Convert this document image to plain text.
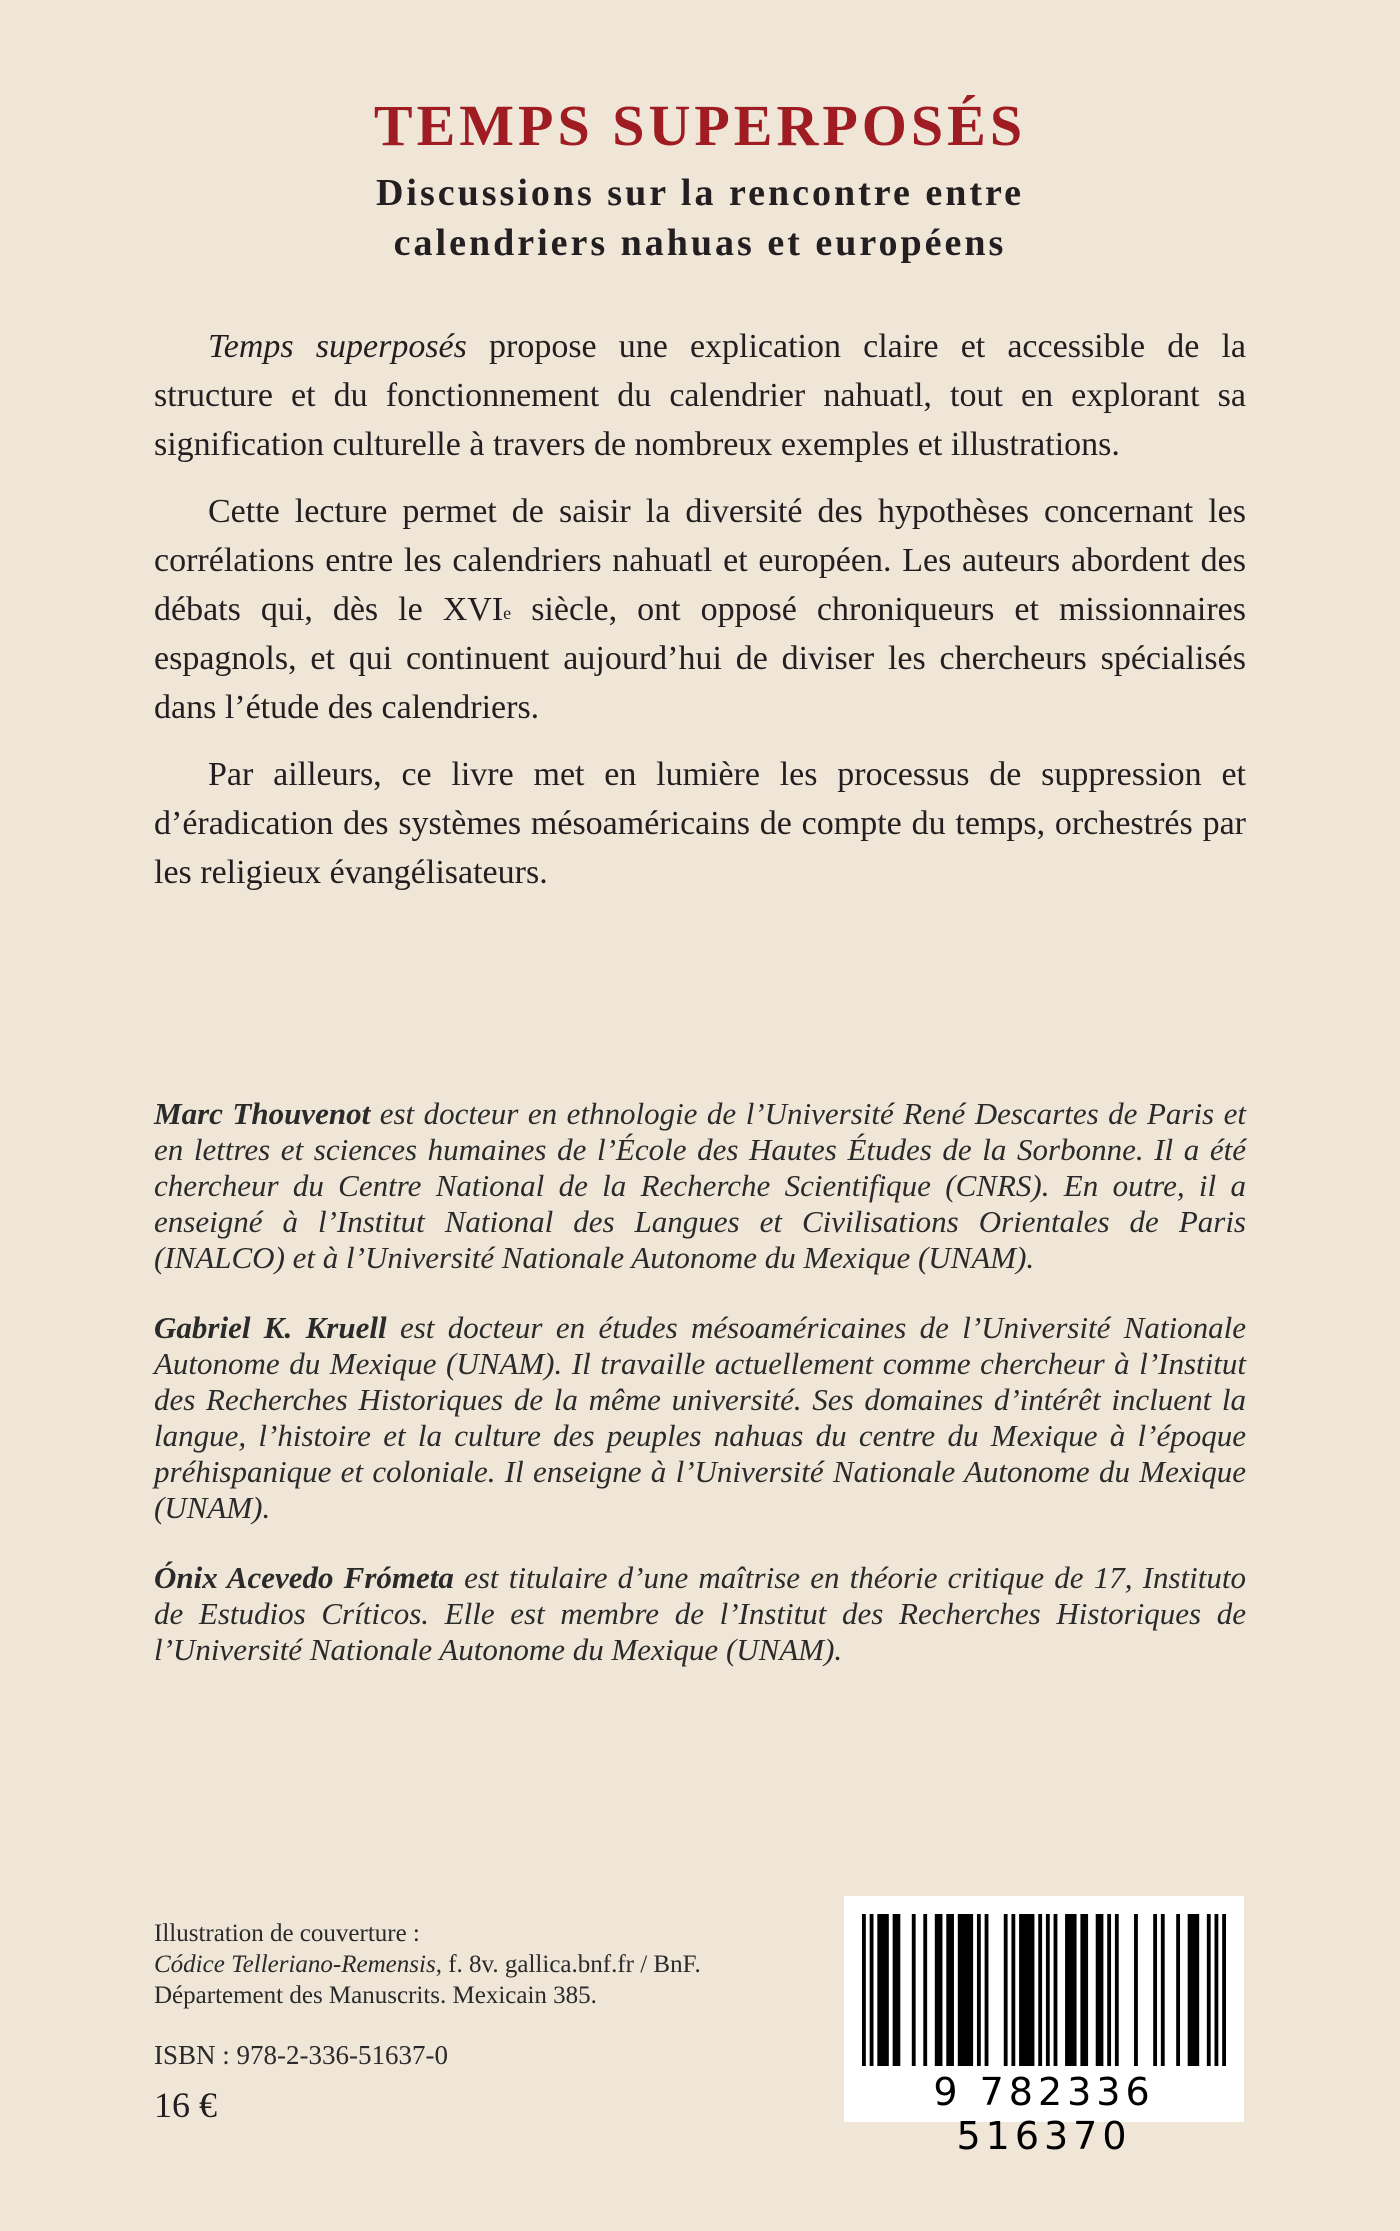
TEMPS SUPERPOSÉS
Discussions sur la rencontre entre
calendriers nahuas et européens

Temps superposés propose une explication claire et accessible de la structure et du fonctionnement du calendrier nahuatl, tout en explorant sa signification culturelle à travers de nombreux exemples et illustrations.

Cette lecture permet de saisir la diversité des hypothèses concernant les corrélations entre les calendriers nahuatl et européen. Les auteurs abordent des débats qui, dès le XVIe siècle, ont opposé chroniqueurs et missionnaires espagnols, et qui continuent aujourd’hui de diviser les chercheurs spécialisés dans l’étude des calendriers.

Par ailleurs, ce livre met en lumière les processus de suppression et d’éradication des systèmes mésoaméricains de compte du temps, orchestrés par les religieux évangélisateurs.

Marc Thouvenot est docteur en ethnologie de l’Université René Descartes de Paris et en lettres et sciences humaines de l’École des Hautes Études de la Sorbonne. Il a été chercheur du Centre National de la Recherche Scientifique (CNRS). En outre, il a enseigné à l’Institut National des Langues et Civilisations Orientales de Paris (INALCO) et à l’Université Nationale Autonome du Mexique (UNAM).

Gabriel K. Kruell est docteur en études mésoaméricaines de l’Université Nationale Autonome du Mexique (UNAM). Il travaille actuellement comme chercheur à l’Institut des Recherches Historiques de la même université. Ses domaines d’intérêt incluent la langue, l’histoire et la culture des peuples nahuas du centre du Mexique à l’époque préhispanique et coloniale. Il enseigne à l’Université Nationale Autonome du Mexique (UNAM).

Ónix Acevedo Frómeta est titulaire d’une maîtrise en théorie critique de 17, Instituto de Estudios Críticos. Elle est membre de l’Institut des Recherches Historiques de l’Université Nationale Autonome du Mexique (UNAM).

Illustration de couverture :
Códice Telleriano-Remensis, f. 8v. gallica.bnf.fr / BnF.
Département des Manuscrits. Mexicain 385.
ISBN : 978-2-336-51637-0
16 €	9 782336 516370
